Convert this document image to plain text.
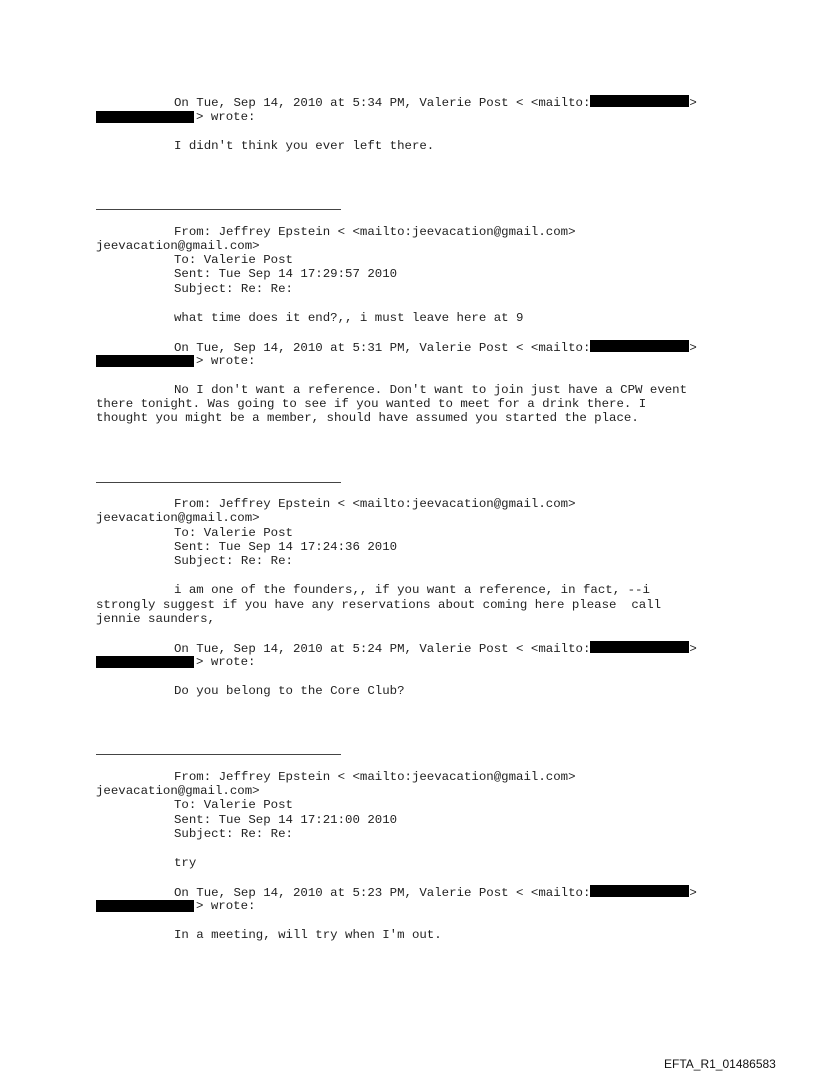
On Tue, Sep 14, 2010 at 5:34 PM, Valerie Post < <mailto:	>
> wrote:
I didn't think you ever left there.
From: Jeffrey Epstein < <mailto:jeevacation@gmail.com>
jeevacation@gmail.com>
To: Valerie Post
Sent: Tue Sep 14 17:29:57 2010
Subject: Re: Re:
what time does it end?,, i must leave here at 9
On Tue, Sep 14, 2010 at 5:31 PM, Valerie Post < <mailto:	>
> wrote:
No I don't want a reference. Don't want to join just have a CPW event
there tonight. Was going to see if you wanted to meet for a drink there. I
thought you might be a member, should have assumed you started the place.
From: Jeffrey Epstein < <mailto:jeevacation@gmail.com>
jeevacation@gmail.com>
To: Valerie Post
Sent: Tue Sep 14 17:24:36 2010
Subject: Re: Re:
i am one of the founders,, if you want a reference, in fact, --i
strongly suggest if you have any reservations about coming here please  call
jennie saunders,
On Tue, Sep 14, 2010 at 5:24 PM, Valerie Post < <mailto:	>
> wrote:
Do you belong to the Core Club?
From: Jeffrey Epstein < <mailto:jeevacation@gmail.com>
jeevacation@gmail.com>
To: Valerie Post
Sent: Tue Sep 14 17:21:00 2010
Subject: Re: Re:
try
On Tue, Sep 14, 2010 at 5:23 PM, Valerie Post < <mailto:	>
> wrote:
In a meeting, will try when I'm out.
EFTA_R1_01486583
